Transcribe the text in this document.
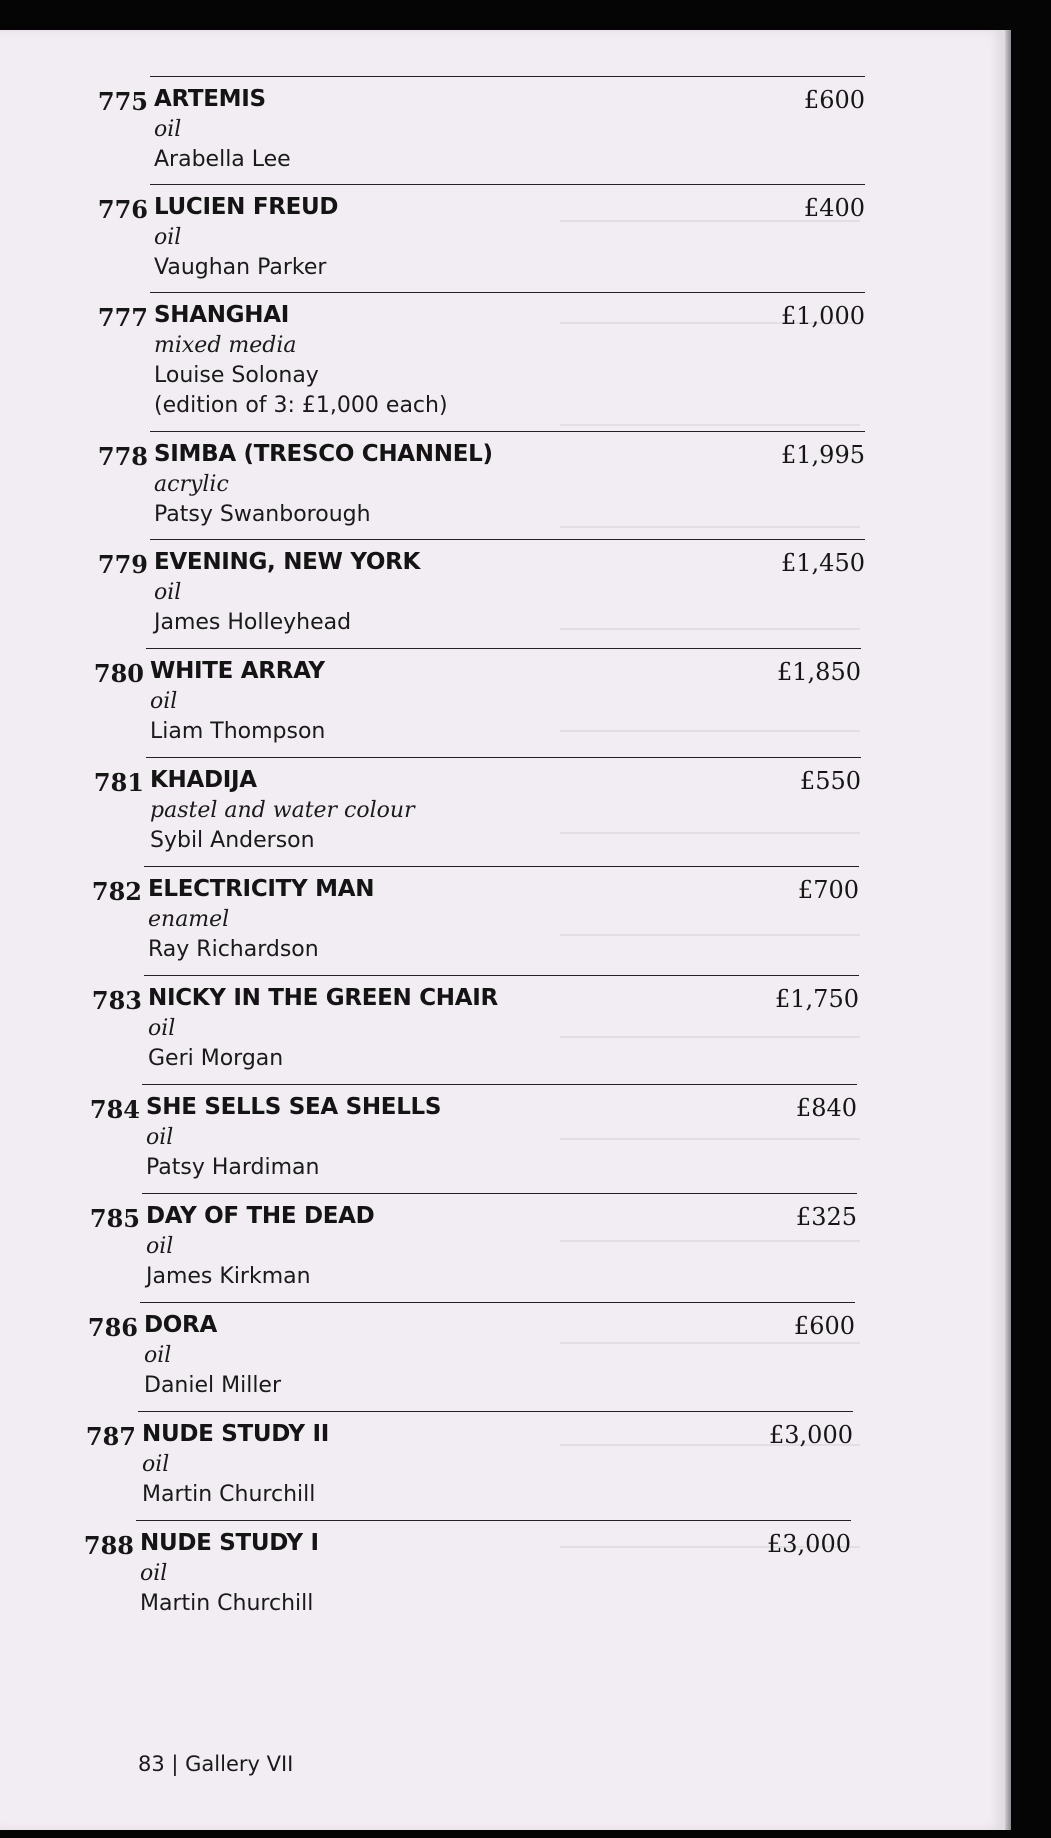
775 ARTEMIS
oil
Arabella Lee
£600
776 LUCIEN FREUD
oil
Vaughan Parker
£400
777 SHANGHAI
mixed media
Louise Solonay
£1,000
(edition of 3: £1,000 each)
778 SIMBA (TRESCO CHANNEL)
acrylic
Patsy Swanborough
£1,995
779 EVENING, NEW YORK
oil
James Holleyhead
£1,450
780 WHITE ARRAY
oil
Liam Thompson
£1,850
781 KHADIJA
pastel and water colour
Sybil Anderson
£550
782 ELECTRICITY MAN
enamel
Ray Richardson
£700
783 NICKY IN THE GREEN CHAIR
oil
Geri Morgan
£1,750
784 SHE SELLS SEA SHELLS
oil
Patsy Hardiman
£840
785 DAY OF THE DEAD
oil
James Kirkman
£325
786 DORA
oil
Daniel Miller
£600
787 NUDE STUDY II
oil
Martin Churchill
£3,000
788 NUDE STUDY I
oil
Martin Churchill
£3,000
83 | Gallery VII
